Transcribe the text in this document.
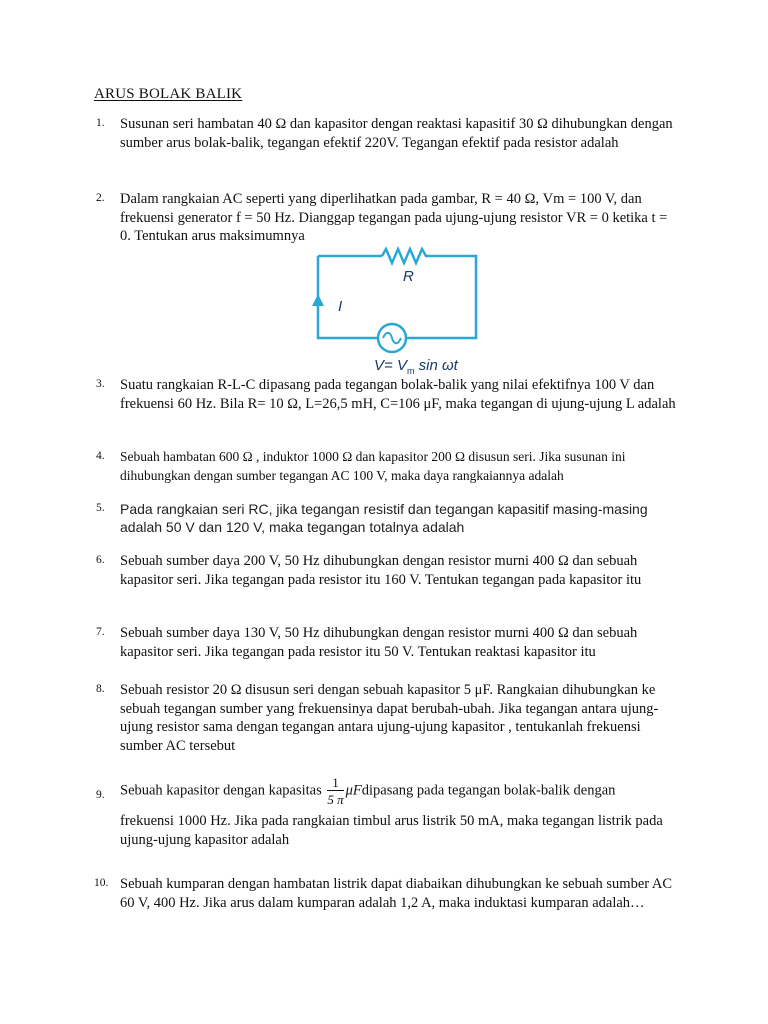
ARUS BOLAK BALIK
1.	Susunan seri hambatan 40 Ω dan kapasitor dengan reaktasi kapasitif 30 Ω dihubungkan dengan sumber arus bolak-balik, tegangan efektif 220V. Tegangan efektif pada resistor adalah

2.	Dalam rangkaian AC seperti yang diperlihatkan pada gambar, R = 40 Ω, Vm = 100 V, dan frekuensi generator f = 50 Hz. Dianggap tegangan pada ujung-ujung resistor VR = 0 ketika t = 0. Tentukan arus maksimumnya

R
I
$V= V_m$ sin ωt
3.	Suatu rangkaian R-L-C dipasang pada tegangan bolak-balik yang nilai efektifnya 100 V dan frekuensi 60 Hz. Bila R= 10 Ω, L=26,5 mH, C=106 μF, maka tegangan di ujung-ujung L adalah

4.	Sebuah hambatan 600 Ω , induktor 1000 Ω dan kapasitor 200 Ω disusun seri. Jika susunan ini dihubungkan dengan sumber tegangan AC 100 V, maka daya rangkaiannya adalah

5.	Pada rangkaian seri RC, jika tegangan resistif dan tegangan kapasitif masing-masing adalah 50 V dan 120 V, maka tegangan totalnya adalah

6.	Sebuah sumber daya 200 V, 50 Hz dihubungkan dengan resistor murni 400 Ω dan sebuah kapasitor seri. Jika tegangan pada resistor itu 160 V. Tentukan tegangan pada kapasitor itu

7.	Sebuah sumber daya 130 V, 50 Hz dihubungkan dengan resistor murni 400 Ω dan sebuah kapasitor seri. Jika tegangan pada resistor itu 50 V. Tentukan reaktasi kapasitor itu

8.	Sebuah resistor 20 Ω disusun seri dengan sebuah kapasitor 5 μF. Rangkaian dihubungkan ke sebuah tegangan sumber yang frekuensinya dapat berubah-ubah. Jika tegangan antara ujung-ujung resistor sama dengan tegangan antara ujung-ujung kapasitor , tentukanlah frekuensi sumber AC tersebut

9.	Sebuah kapasitor dengan kapasitas $\frac{1}{5 \pi}$ μFdipasang pada tegangan bolak-balik dengan

frekuensi 1000 Hz. Jika pada rangkaian timbul arus listrik 50 mA, maka tegangan listrik pada ujung-ujung kapasitor adalah

10. Sebuah kumparan dengan hambatan listrik dapat diabaikan dihubungkan ke sebuah sumber AC 60 V, 400 Hz. Jika arus dalam kumparan adalah 1,2 A, maka induktasi kumparan adalah…
